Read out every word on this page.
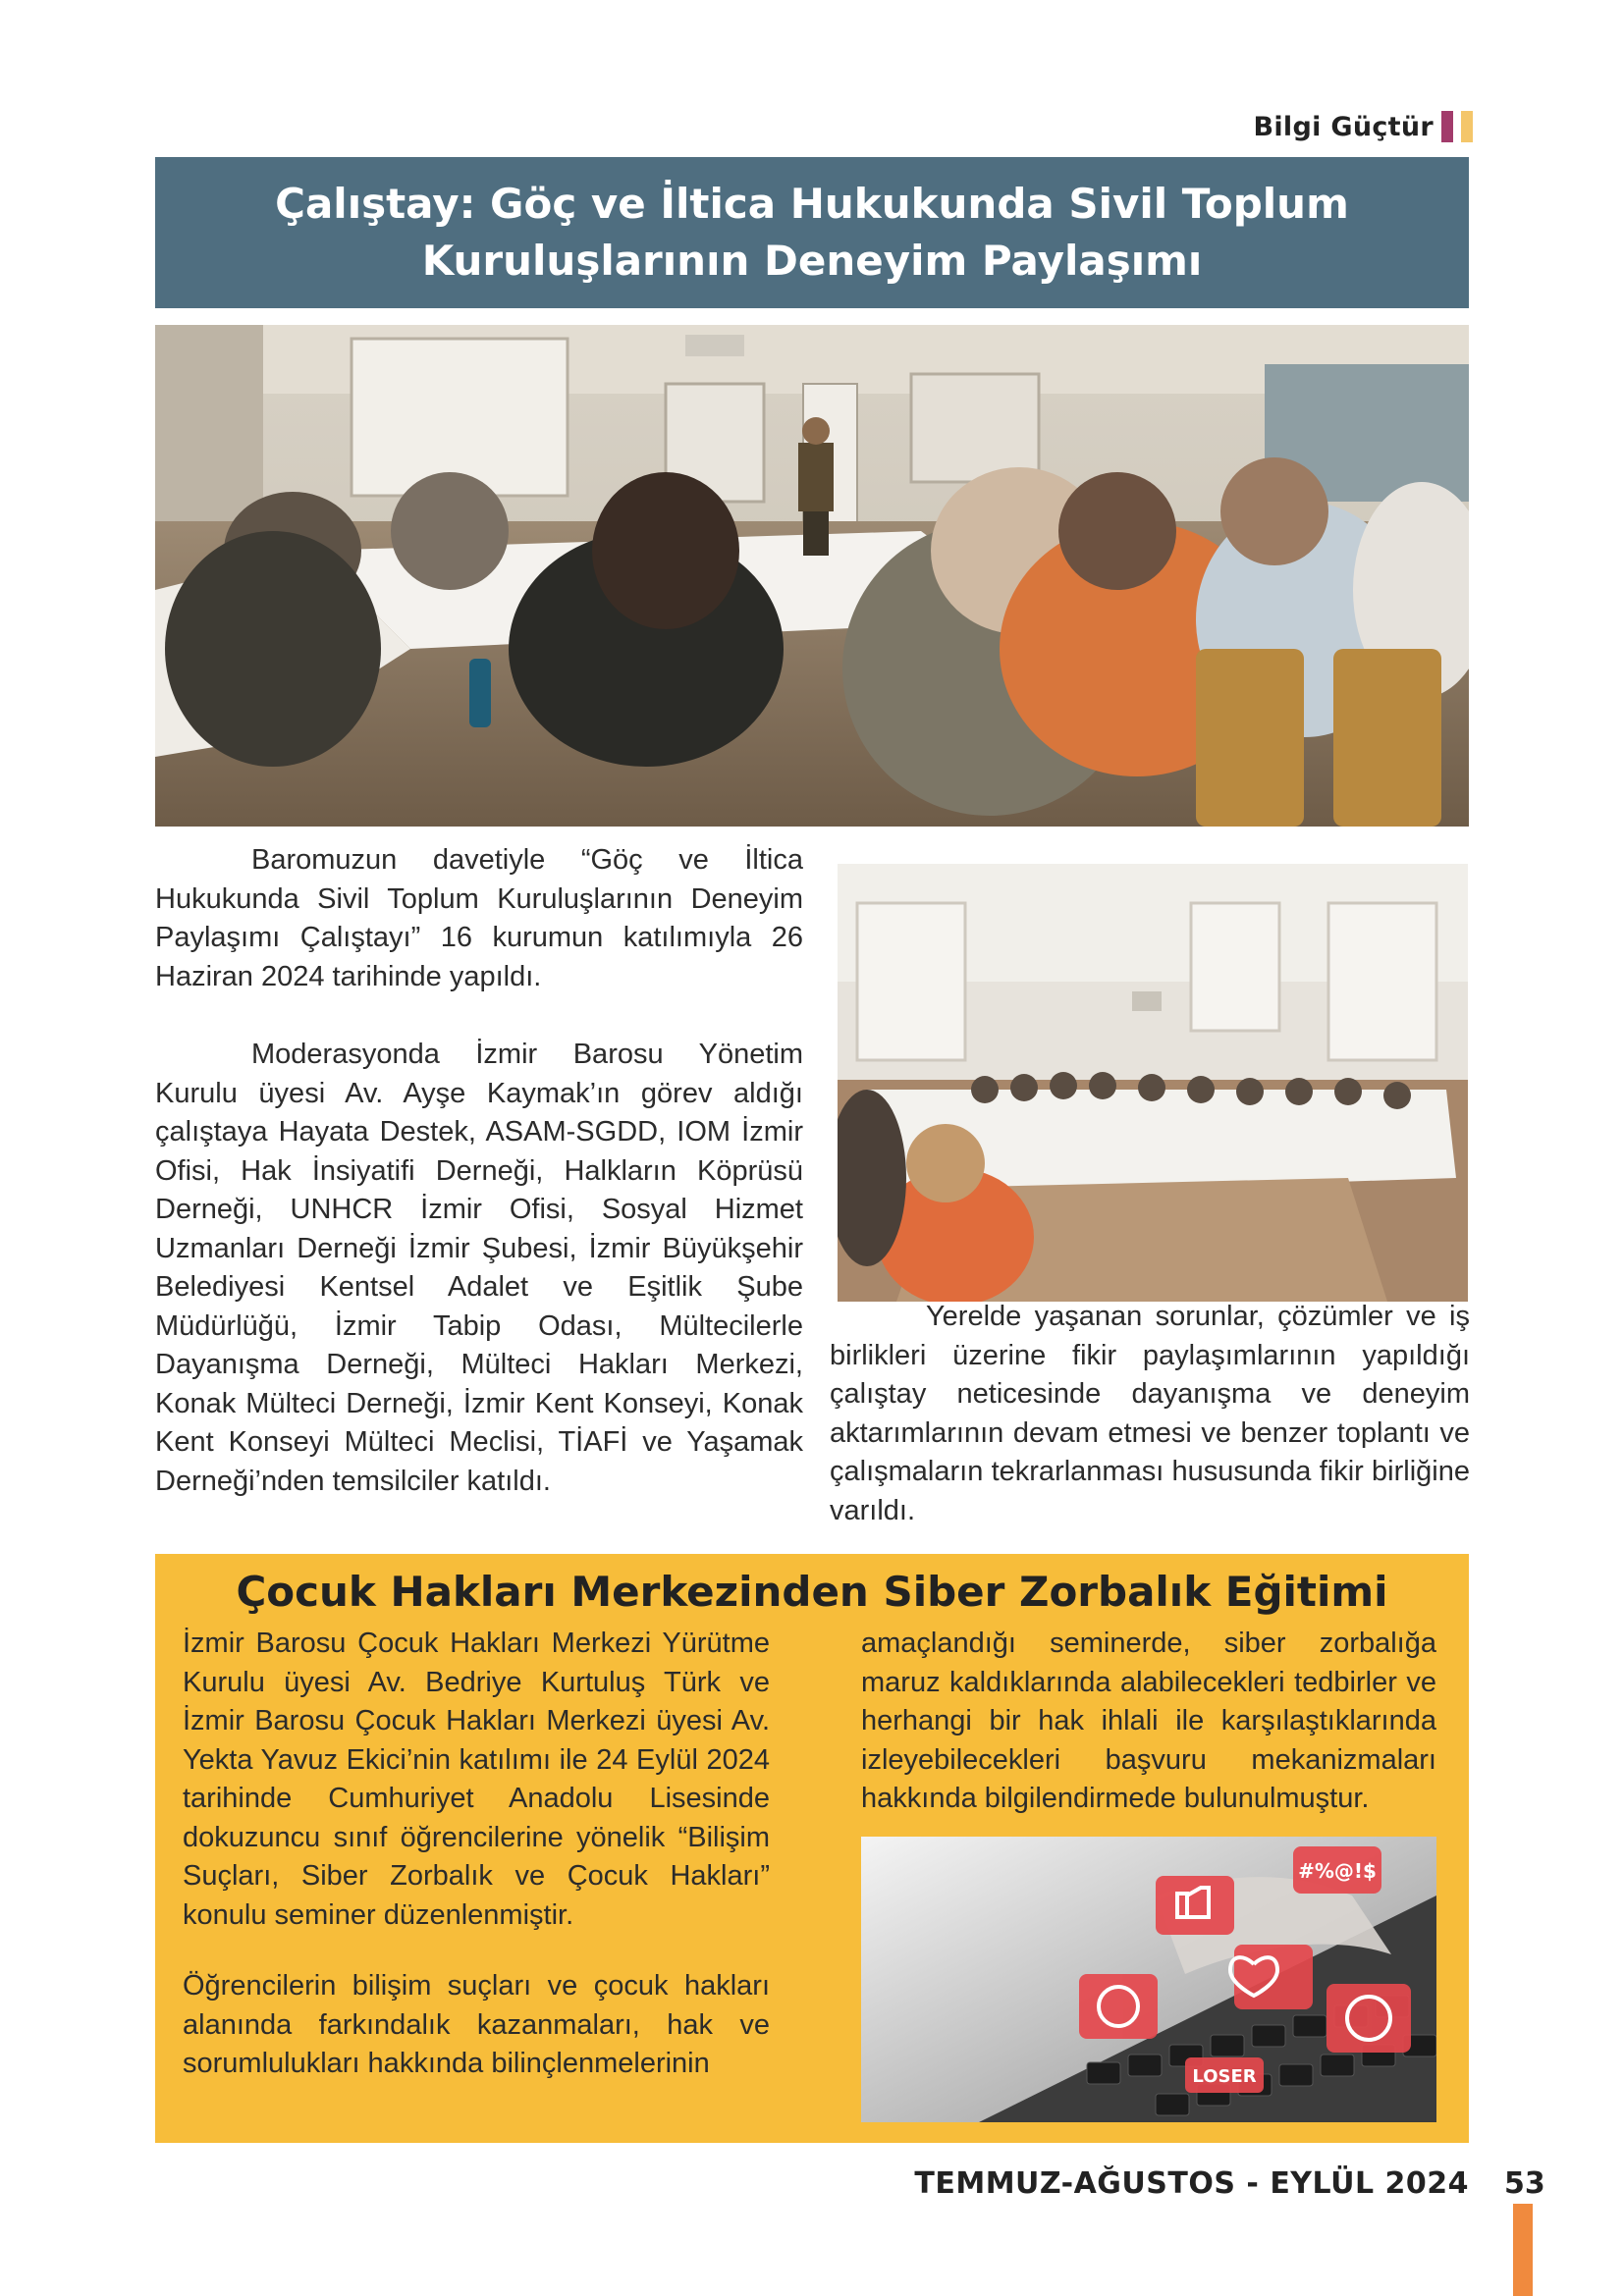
Bilgi Güçtür
Çalıştay: Göç ve İltica Hukukunda Sivil Toplum
Kuruluşlarının Deneyim Paylaşımı

Baromuzun davetiyle “Göç ve İltica Hukukunda Sivil Toplum Kuruluşlarının Deneyim Paylaşımı Çalıştayı” 16 kurumun katılımıyla 26 Haziran 2024 tarihinde yapıldı.

Moderasyonda İzmir Barosu Yönetim Kurulu üyesi Av. Ayşe Kaymak’ın görev aldığı çalıştaya Hayata Destek, ASAM-SGDD, IOM İzmir Ofisi, Hak İnsiyatifi Derneği, Halkların Köprüsü Derneği, UNHCR İzmir Ofisi, Sosyal Hizmet Uzmanları Derneği İzmir Şubesi, İzmir Büyükşehir Belediyesi Kentsel Adalet ve Eşitlik Şube Müdürlüğü, İzmir Tabip Odası, Mültecilerle Dayanışma Derneği, Mülteci Hakları Merkezi, Konak Mülteci Derneği, İzmir Kent Konseyi, Konak Kent Konseyi Mülteci Meclisi, TİAFİ ve Yaşamak Derneği’nden temsilciler katıldı.

Yerelde yaşanan sorunlar, çözümler ve iş birlikleri üzerine fikir paylaşımlarının yapıldığı çalıştay neticesinde dayanışma ve deneyim aktarımlarının devam etmesi ve benzer toplantı ve çalışmaların tekrarlanması hususunda fikir birliğine varıldı.

Çocuk Hakları Merkezinden Siber Zorbalık Eğitimi

İzmir Barosu Çocuk Hakları Merkezi Yürütme Kurulu üyesi Av. Bedriye Kurtuluş Türk ve İzmir Barosu Çocuk Hakları Merkezi üyesi Av. Yekta Yavuz Ekici’nin katılımı ile 24 Eylül 2024 tarihinde Cumhuriyet Anadolu Lisesinde dokuzuncu sınıf öğrencilerine yönelik “Bilişim Suçları, Siber Zorbalık ve Çocuk Hakları” konulu seminer düzenlenmiştir.

Öğrencilerin bilişim suçları ve çocuk hakları alanında farkındalık kazanmaları, hak ve sorumlulukları hakkında bilinçlenmelerinin

amaçlandığı seminerde, siber zorbalığa maruz kaldıklarında alabilecekleri tedbirler ve herhangi bir hak ihlali ile karşılaştıklarında izleyebilecekleri başvuru mekanizmaları hakkında bilgilendirmede bulunulmuştur.

#%@!$
LOSER
TEMMUZ-AĞUSTOS - EYLÜL 2024 53
